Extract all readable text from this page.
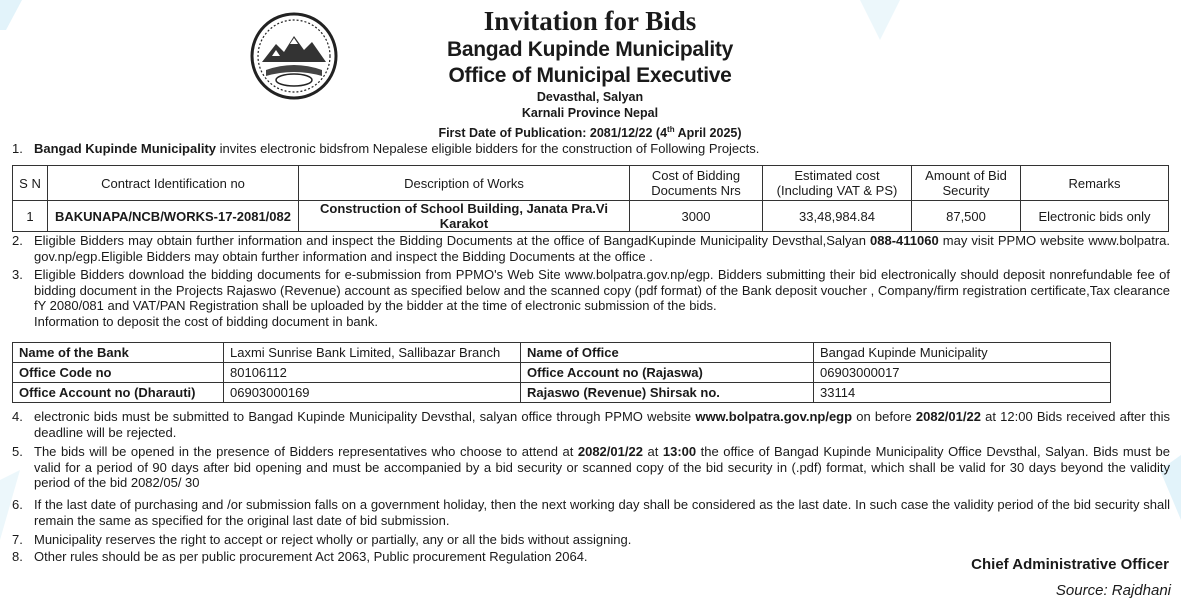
Invitation for Bids
Bangad Kupinde Municipality
Office of Municipal Executive
Devasthal, Salyan
Karnali Province Nepal
First Date of Publication: 2081/12/22 (4th April 2025)
1. Bangad Kupinde Municipality invites electronic bidsfrom Nepalese eligible bidders for the construction of Following Projects.
S N	Contract Identification no	Description of Works	Cost of Bidding Documents Nrs	Estimated cost (Including VAT & PS)	Amount of Bid Security	Remarks
1	BAKUNAPA/NCB/WORKS-17-2081/082	Construction of School Building, Janata Pra.Vi Karakot	3000	33,48,984.84	87,500	Electronic bids only
2. Eligible Bidders may obtain further information and inspect the Bidding Documents at the office of BangadKupinde Municipality Devsthal,Salyan 088-411060 may visit PPMO website www.bolpatra. gov.np/egp.Eligible Bidders may obtain further information and inspect the Bidding Documents at the office .
3. Eligible Bidders download the bidding documents for e-submission from PPMO's Web Site www.bolpatra.gov.np/egp. Bidders submitting their bid electronically should deposit nonrefundable fee of bidding document in the Projects Rajaswo (Revenue) account as specified below and the scanned copy (pdf format) of the Bank deposit voucher , Company/firm registration certificate,Tax clearance fY 2080/081 and VAT/PAN Registration shall be uploaded by the bidder at the time of electronic submission of the bids.
Information to deposit the cost of bidding document in bank.
Name of the Bank	Laxmi Sunrise Bank Limited, Sallibazar Branch	Name of Office	Bangad Kupinde Municipality
Office Code no	80106112	Office Account no (Rajaswa)	06903000017
Office Account no (Dharauti)	06903000169	Rajaswo (Revenue) Shirsak no.	33114
4. electronic bids must be submitted to Bangad Kupinde Municipality Devsthal, salyan office through PPMO website www.bolpatra.gov.np/egp on before 2082/01/22 at 12:00 Bids received after this deadline will be rejected.
5. The bids will be opened in the presence of Bidders representatives who choose to attend at 2082/01/22 at 13:00 the office of Bangad Kupinde Municipality Office Devsthal, Salyan. Bids must be valid for a period of 90 days after bid opening and must be accompanied by a bid security or scanned copy of the bid security in (.pdf) format, which shall be valid for 30 days beyond the validity period of the bid 2082/05/ 30
6. If the last date of purchasing and /or submission falls on a government holiday, then the next working day shall be considered as the last date. In such case the validity period of the bid security shall remain the same as specified for the original last date of bid submission.
7. Municipality reserves the right to accept or reject wholly or partially, any or all the bids without assigning.
8. Other rules should be as per public procurement Act 2063, Public procurement Regulation 2064.	Chief Administrative Officer
Source: Rajdhani
